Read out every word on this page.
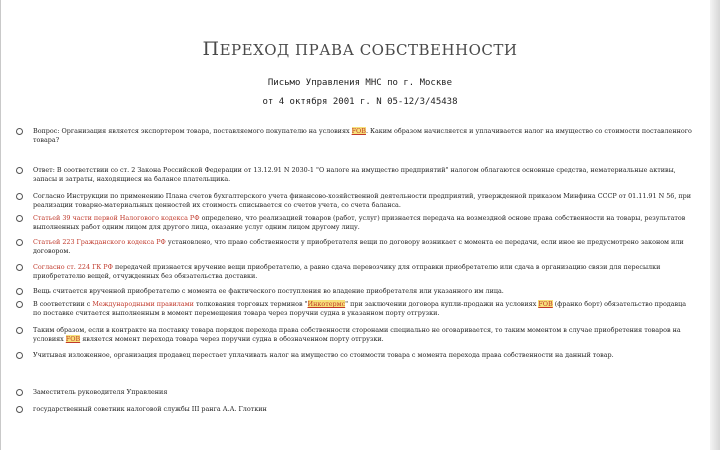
ПЕРЕХОД ПРАВА СОБСТВЕННОСТИ
Письмо Управления МНС по г. Москве
от 4 октября 2001 г. N 05-12/3/45438
Вопрос: Организация является экспортером товара, поставляемого покупателю на условиях FOB. Каким образом начисляется и уплачивается налог на имущество со стоимости поставленного товара?
Ответ: В соответствии со ст. 2 Закона Российской Федерации от 13.12.91 N 2030-1 "О налоге на имущество предприятий" налогом облагаются основные средства, нематериальные активы, запасы и затраты, находящиеся на балансе плательщика.
Согласно Инструкции по применению Плана счетов бухгалтерского учета финансово-хозяйственной деятельности предприятий, утвержденной приказом Минфина СССР от 01.11.91 N 56, при реализации товарно-материальных ценностей их стоимость списывается со счетов учета, со счета баланса.
Статьей 39 части первой Налогового кодекса РФ определено, что реализацией товаров (работ, услуг) признается передача на возмездной основе права собственности на товары, результатов выполненных работ одним лицом для другого лица, оказание услуг одним лицом другому лицу.
Статьей 223 Гражданского кодекса РФ установлено, что право собственности у приобретателя вещи по договору возникает с момента ее передачи, если иное не предусмотрено законом или договором.
Согласно ст. 224 ГК РФ передачей признается вручение вещи приобретателю, а равно сдача перевозчику для отправки приобретателю или сдача в организацию связи для пересылки приобретателю вещей, отчужденных без обязательства доставки.
Вещь считается врученной приобретателю с момента ее фактического поступления во владение приобретателя или указанного им лица.
В соответствии с Международными правилами толкования торговых терминов "Инкотермс" при заключении договора купли-продажи на условиях FOB (франко борт) обязательство продавца по поставке считается выполненным в момент перемещения товара через поручни судна в указанном порту отгрузки.
Таким образом, если в контракте на поставку товара порядок перехода права собственности сторонами специально не оговаривается, то таким моментом в случае приобретения товаров на условиях FOB является момент перехода товара через поручни судна в обозначенном порту отгрузки.
Учитывая изложенное, организация продавец перестает уплачивать налог на имущество со стоимости товара с момента перехода права собственности на данный товар.
Заместитель руководителя Управления
государственный советник налоговой службы III ранга А.А. Глоткин
